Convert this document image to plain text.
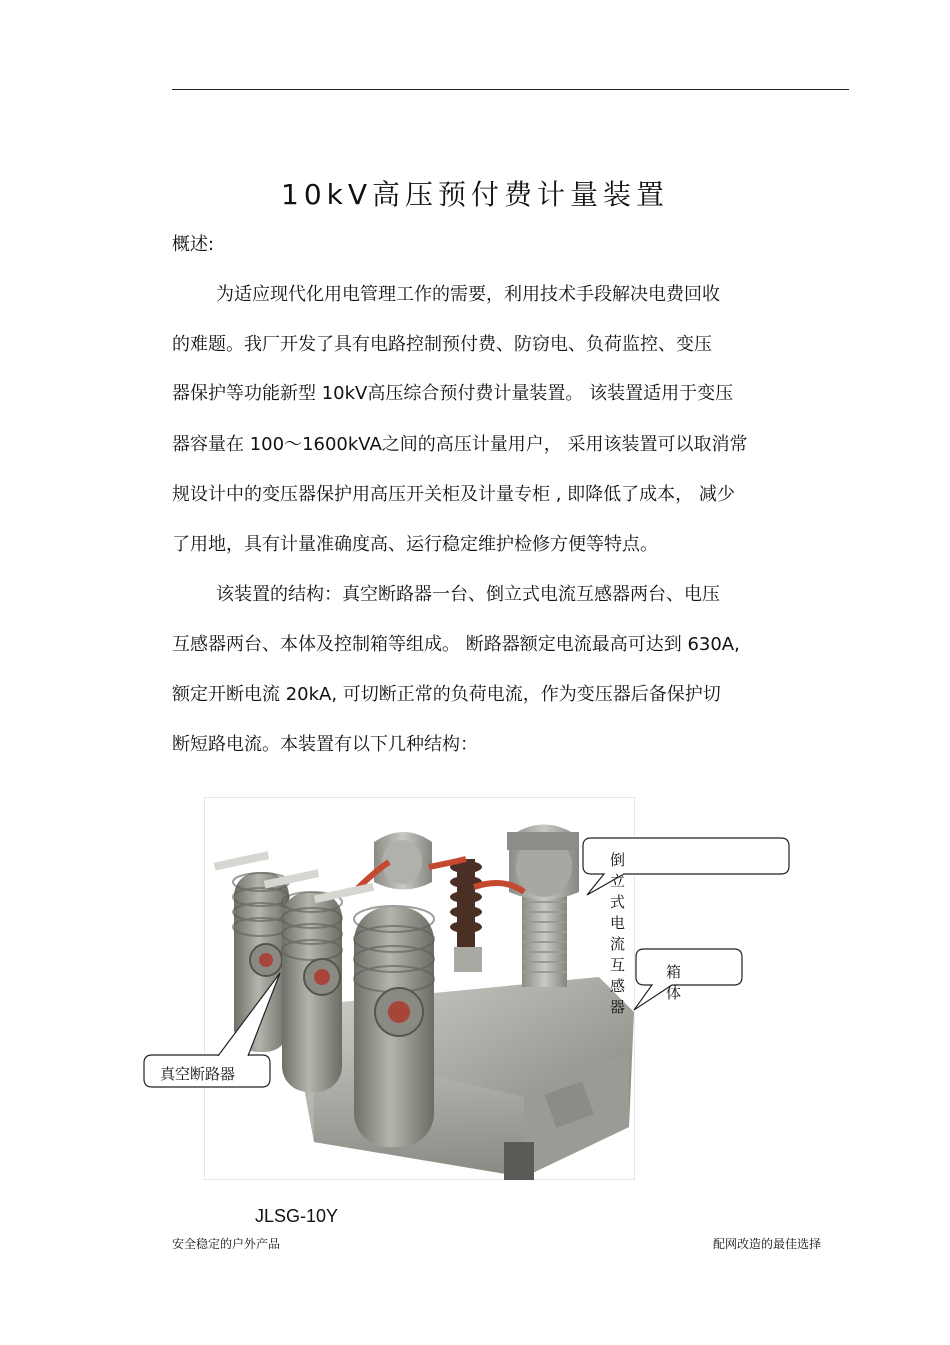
10kV高压预付费计量装置
概述:
为适应现代化用电管理工作的需要，利用技术手段解决电费回收
的难题。我厂开发了具有电路控制预付费、防窃电、负荷监控、变压
器保护等功能新型 10kV高压综合预付费计量装置。 该装置适用于变压
器容量在 100～1600kVA之间的高压计量用户， 采用该装置可以取消常
规设计中的变压器保护用高压开关柜及计量专柜 , 即降低了成本， 减少
了用地，具有计量准确度高、运行稳定维护检修方便等特点。
该装置的结构：真空断路器一台、倒立式电流互感器两台、电压
互感器两台、本体及控制箱等组成。 断路器额定电流最高可达到 630A,
额定开断电流 20kA, 可切断正常的负荷电流，作为变压器后备保护切
断短路电流。本装置有以下几种结构：
倒立式电流互感器
箱体
真空断路器
JLSG-10Y
安全稳定的户外产品	配网改造的最佳选择
